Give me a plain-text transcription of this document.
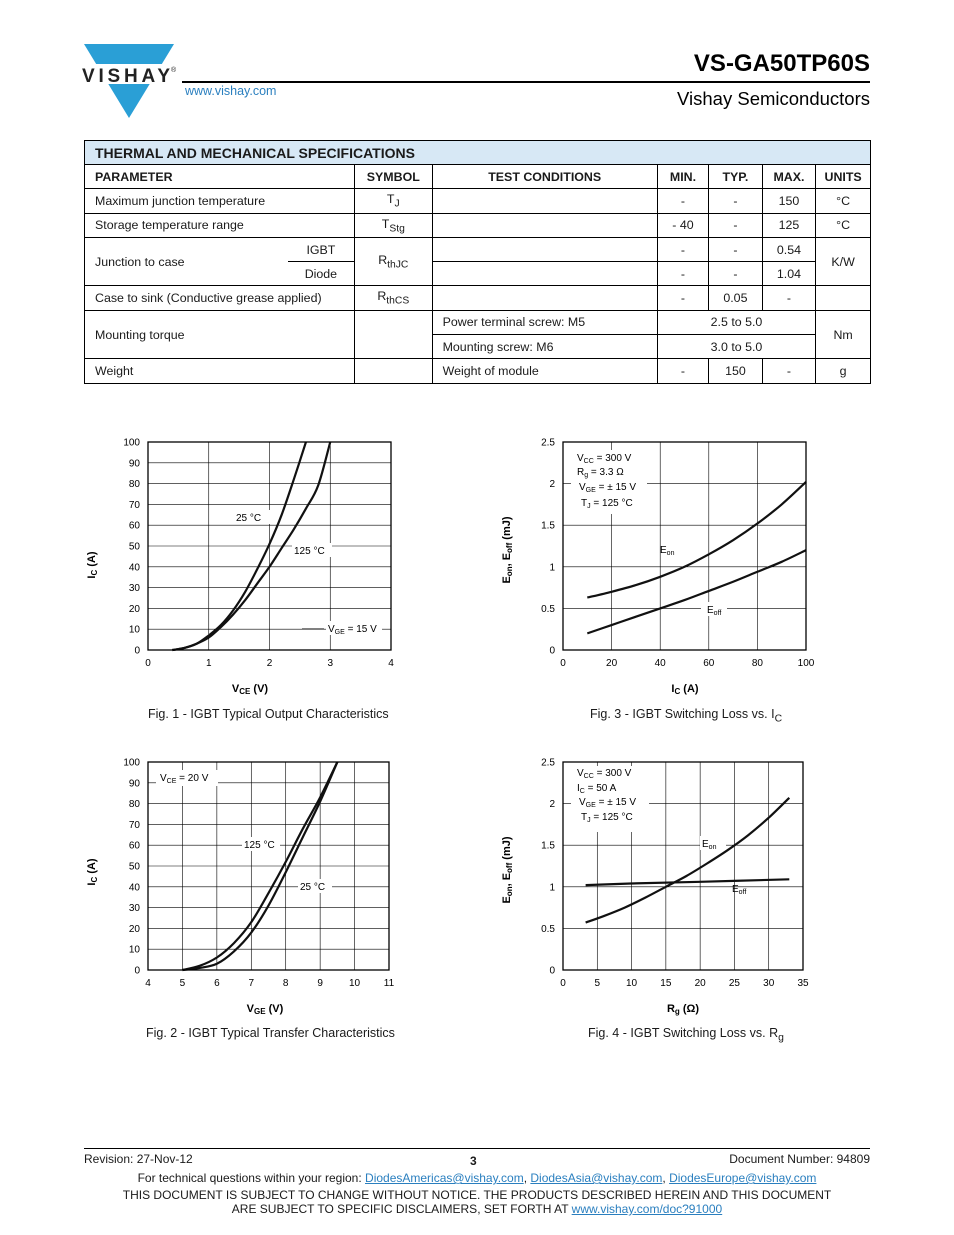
VISHAY ®	VS-GA50TP60S
www.vishay.com	Vishay Semiconductors
THERMAL AND MECHANICAL SPECIFICATIONS							
PARAMETER		SYMBOL	TEST CONDITIONS	MIN.	TYP.	MAX.	UNITS
Maximum junction temperature		$T_J$		-	-	150	°C
Storage temperature range		$T_{Stg}$		- 40	-	125	°C
Junction to case	IGBT	$R_{thJC}$		-	-	0.54	K/W
	Diode			-	-	1.04	
Case to sink (Conductive grease applied)		$R_{thCS}$		-	0.05	-	
Mounting torque			Power terminal screw: M5	2.5 to 5.0			Nm
			Mounting screw: M6	3.0 to 5.0			
Weight			Weight of module	-	150	-	g
0	1	2	3	4
0
10
20
30
40
50
60
70
80
90
100
25 °C
125 °C
$V_{GE} = 15$ V
VCE (V)
IC (A)
Fig. 1 - IGBT Typical Output Characteristics
0	20	40	60	80	100
0
0.5
1
1.5
2
2.5
$V_{CC} = 300$ V
$R_g = 3.3$ Ω
$V_{GE}$ = ± 15 V
$T_J = 125$ °C
$E_{on}$
$E_{off}$
IC (A)
Eon, Eoff (mJ)
Fig. 3 - IGBT Switching Loss vs. $I_C$
4	5	6	7	8	9	10 11
0
10
20
30
40
50
60
70
80
90
100
$V_{CE} = 20$ V
125 °C
25 °C
VGE (V)
IC (A)
Fig. 2 - IGBT Typical Transfer Characteristics
0	5	10 15 20 25 30 35
0
0.5
1
1.5
2
2.5
$V_{CC} = 300$ V
$I_C = 50$ A
$V_{GE}$ = ± 15 V
$T_J = 125$ °C
$E_{on}$
$E_{off}$
Rg (Ω)
Eon, Eoff (mJ)
Fig. 4 - IGBT Switching Loss vs. $R_g$
Revision: 27-Nov-12	3	Document Number: 94809
For technical questions within your region: DiodesAmericas@vishay.com, DiodesAsia@vishay.com, DiodesEurope@vishay.com
THIS DOCUMENT IS SUBJECT TO CHANGE WITHOUT NOTICE. THE PRODUCTS DESCRIBED HEREIN AND THIS DOCUMENT
ARE SUBJECT TO SPECIFIC DISCLAIMERS, SET FORTH AT www.vishay.com/doc?91000
